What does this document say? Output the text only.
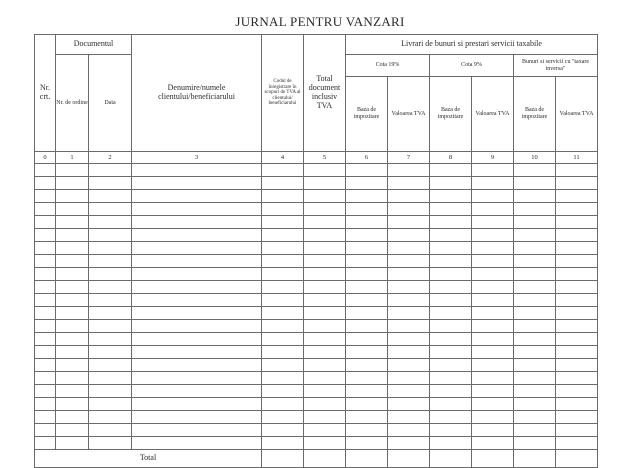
JURNAL PENTRU VANZARI
Nr. crt.	Documentul		Denumire/numele clientului/beneficiarului	Codul de înregistrare în scopuri de TVA al clientului/ beneficiarului	Total document inclusiv TVA	Livrari de bunuri si prestari servicii taxabile					
	Nr. de ordine	Data				Cota 19%		Cota 9%		Bunuri si servicii cu "taxare inversa"	
						Baza de impozitare	Valoarea TVA	Baza de impozitare	Valoarea TVA	Baza de impozitare	Valoarea TVA
0	1	2	3	4	5	6	7	8	9	10	11

Total											
